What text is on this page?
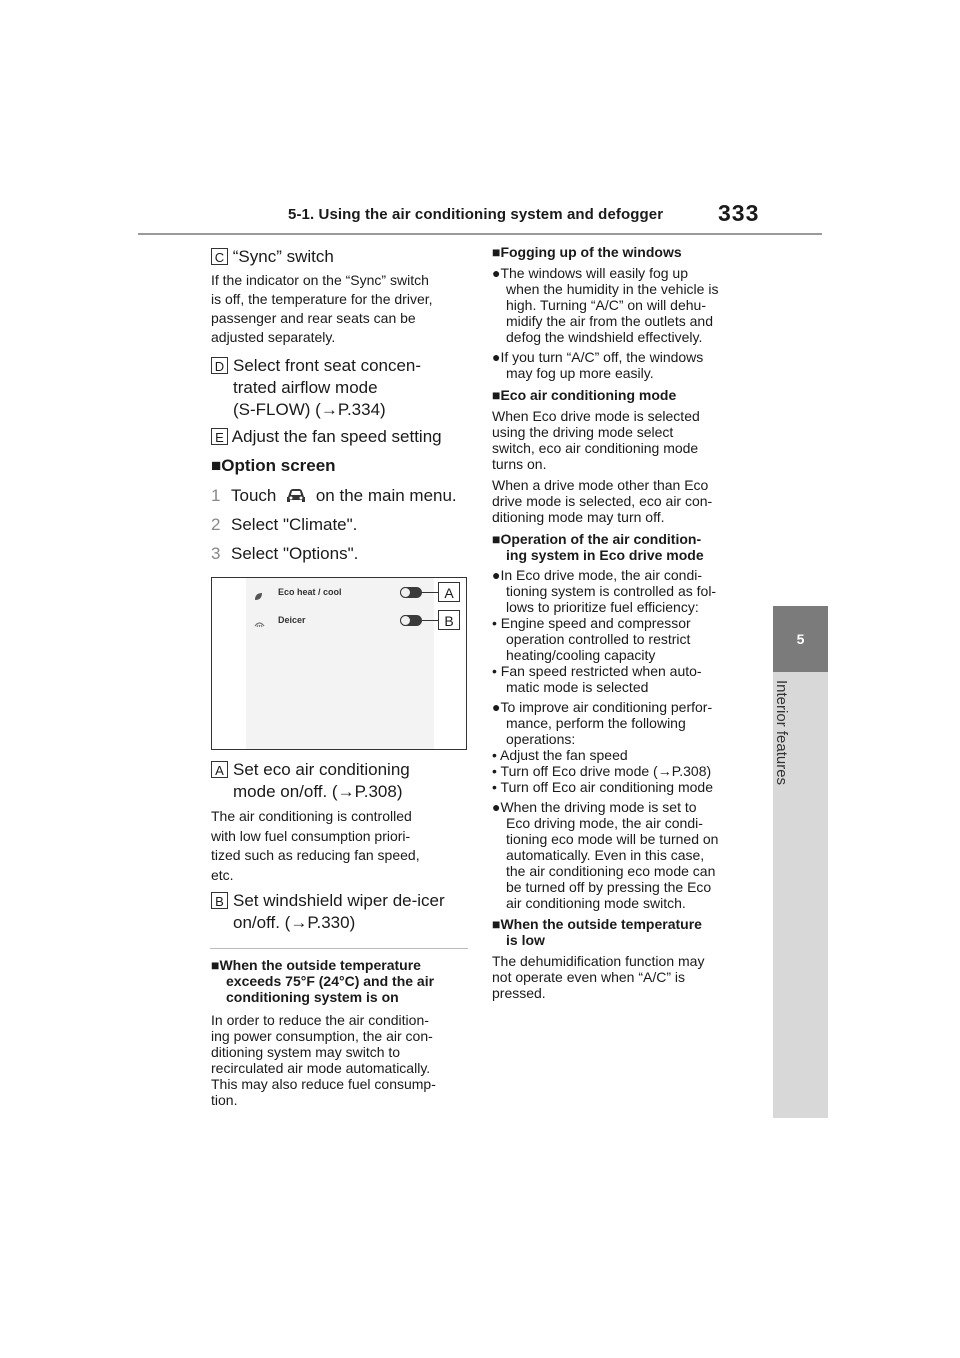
5-1. Using the air conditioning system and defogger 333
5
Interior features
C “Sync” switch
If the indicator on the “Sync” switch
is off, the temperature for the driver,
passenger and rear seats can be
adjusted separately.
D Select front seat concen-
trated airflow mode
(S-FLOW) (→P.334)
E Adjust the fan speed setting
■Option screen
1 Touch on the main menu.
2 Select "Climate".
3 Select "Options".
Eco heat / cool
Deicer
A
B
A Set eco air conditioning
mode on/off. (→P.308)
The air conditioning is controlled
with low fuel consumption priori-
tized such as reducing fan speed,
etc.
B Set windshield wiper de-icer
on/off. (→P.330)
■When the outside temperature
exceeds 75°F (24°C) and the air
conditioning system is on
In order to reduce the air condition-
ing power consumption, the air con-
ditioning system may switch to
recirculated air mode automatically.
This may also reduce fuel consump-
tion.
■Fogging up of the windows
●The windows will easily fog up
when the humidity in the vehicle is
high. Turning “A/C” on will dehu-
midify the air from the outlets and
defog the windshield effectively.
●If you turn “A/C” off, the windows
may fog up more easily.
■Eco air conditioning mode
When Eco drive mode is selected
using the driving mode select
switch, eco air conditioning mode
turns on.
When a drive mode other than Eco
drive mode is selected, eco air con-
ditioning mode may turn off.
■Operation of the air condition-
ing system in Eco drive mode
●In Eco drive mode, the air condi-
tioning system is controlled as fol-
lows to prioritize fuel efficiency:
• Engine speed and compressor
operation controlled to restrict
heating/cooling capacity
• Fan speed restricted when auto-
matic mode is selected
●To improve air conditioning perfor-
mance, perform the following
operations:
• Adjust the fan speed
• Turn off Eco drive mode (→P.308)
• Turn off Eco air conditioning mode
●When the driving mode is set to
Eco driving mode, the air condi-
tioning eco mode will be turned on
automatically. Even in this case,
the air conditioning eco mode can
be turned off by pressing the Eco
air conditioning mode switch.
■When the outside temperature
is low
The dehumidification function may
not operate even when “A/C” is
pressed.
